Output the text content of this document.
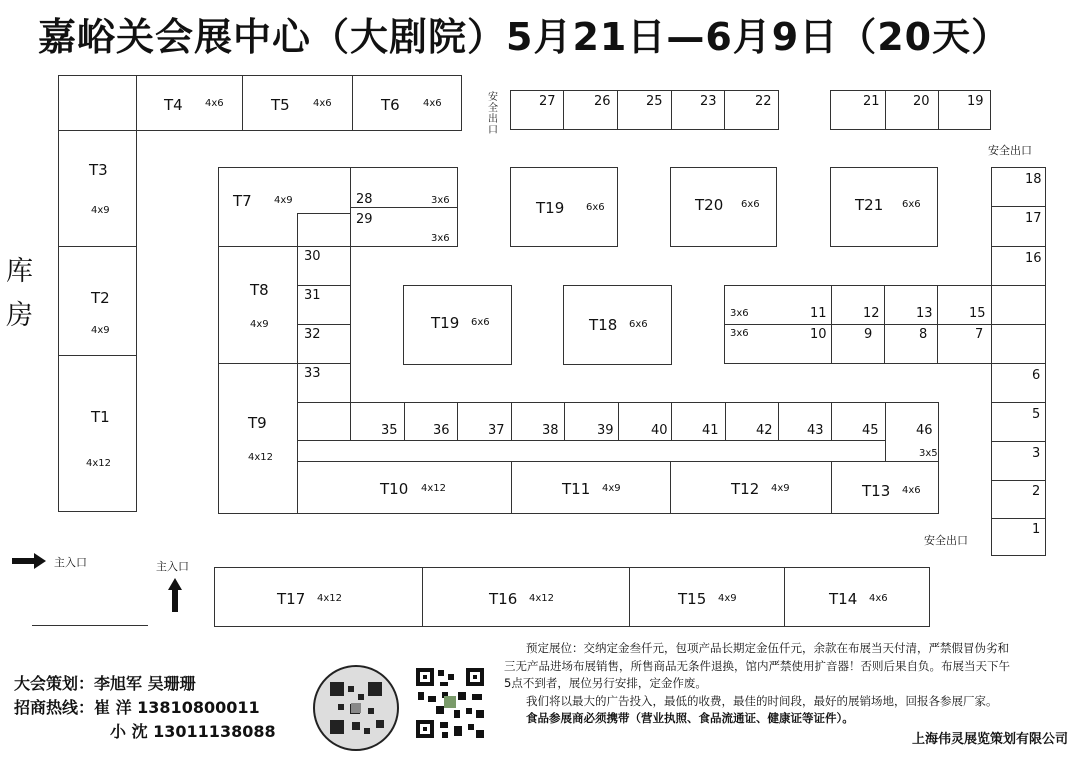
嘉峪关会展中心（大剧院）5月21日—6月9日（20天）
库房
T3
4x9
T2
4x9
T1
4x12
T4 4x6	T5 4x6	T6 4x6
安全出口
27	26	25	23	22	21	20	19
安全出口
18
17
16
6
5
3
2
1
T7 4x9	28	3x6
29
3x6
T8
4x9
T9
4x12
30
31
32
33
35	36	37	38	39	40	41	42	43	45	46
3x5
T10 4x12	T11 4x9	T12 4x9	T13 4x6
安全出口
T19 6x6	T20 6x6	T21 6x6
T19 6x6	T18 6x6
3x6	11	12	13	15
3x6	10	9	8	7
主入口	主入口
T17 4x12	T16 4x12	T15 4x9	T14 4x6
大会策划：李旭军 吴珊珊
招商热线：崔 洋 13810800011
小 沈 13011138088
预定展位：交纳定金叁仟元，包项产品长期定金伍仟元，余款在布展当天付清，严禁假冒伪劣和
三无产品进场布展销售，所售商品无条件退换，馆内严禁使用扩音器！否则后果自负。布展当天下午
5点不到者，展位另行安排，定金作废。
我们将以最大的广告投入，最低的收费，最佳的时间段，最好的展销场地，回报各参展厂家。
食品参展商必须携带（营业执照、食品流通证、健康证等证件）。
上海伟灵展览策划有限公司
